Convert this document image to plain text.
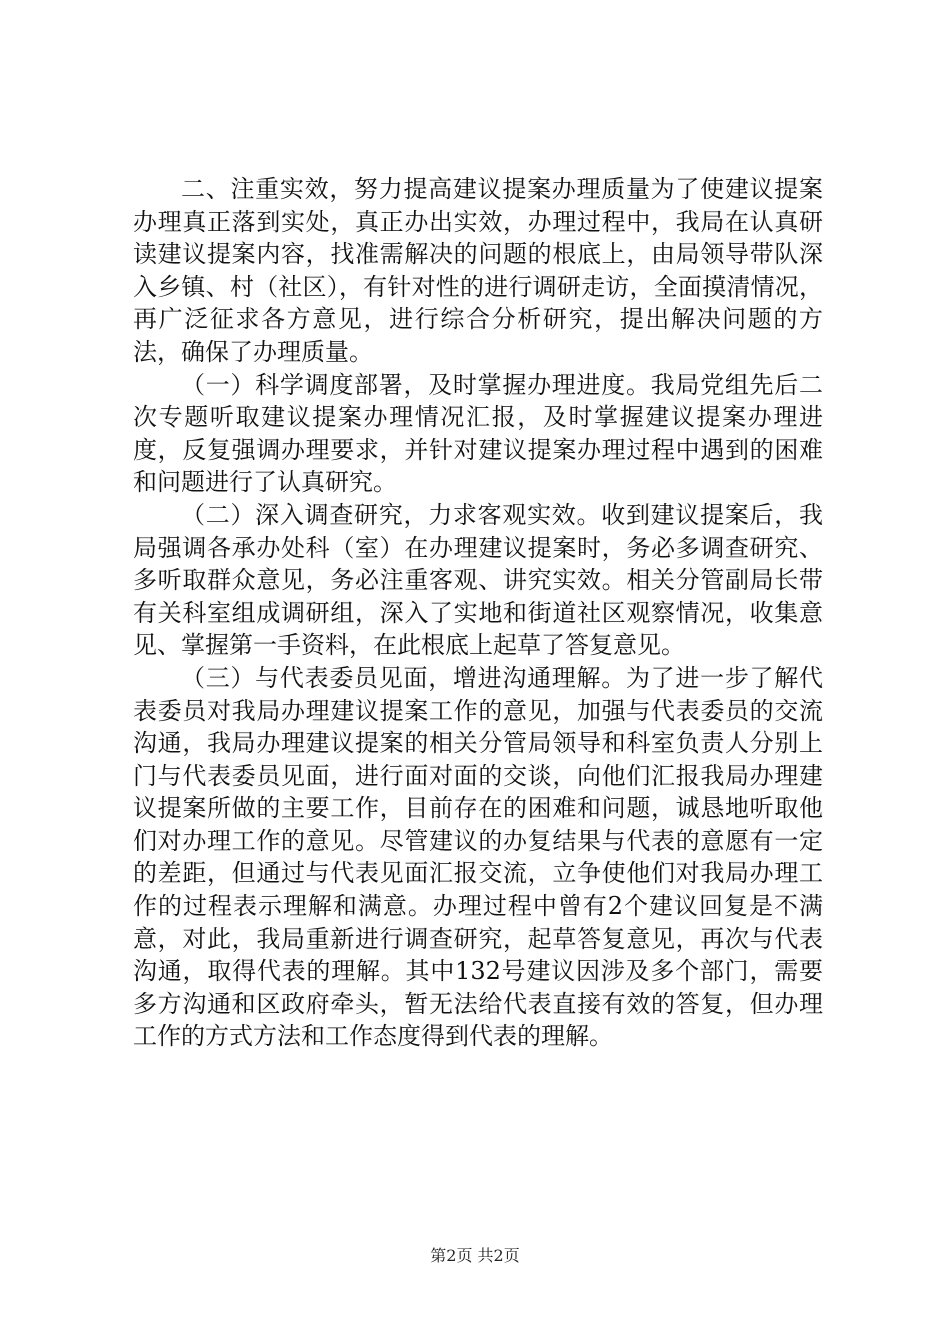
二、注重实效，努力提高建议提案办理质量为了使建议提案办理真正落到实处，真正办出实效，办理过程中，我局在认真研读建议提案内容，找准需解决的问题的根底上，由局领导带队深入乡镇、村（社区），有针对性的进行调研走访，全面摸清情况，再广泛征求各方意见，进行综合分析研究，提出解决问题的方法，确保了办理质量。

（一）科学调度部署，及时掌握办理进度。我局党组先后二次专题听取建议提案办理情况汇报，及时掌握建议提案办理进度，反复强调办理要求，并针对建议提案办理过程中遇到的困难和问题进行了认真研究。

（二）深入调查研究，力求客观实效。收到建议提案后，我局强调各承办处科（室）在办理建议提案时，务必多调查研究、多听取群众意见，务必注重客观、讲究实效。相关分管副局长带有关科室组成调研组，深入了实地和街道社区观察情况，收集意见、掌握第一手资料，在此根底上起草了答复意见。

（三）与代表委员见面，增进沟通理解。为了进一步了解代表委员对我局办理建议提案工作的意见，加强与代表委员的交流沟通，我局办理建议提案的相关分管局领导和科室负责人分别上门与代表委员见面，进行面对面的交谈，向他们汇报我局办理建议提案所做的主要工作，目前存在的困难和问题，诚恳地听取他们对办理工作的意见。尽管建议的办复结果与代表的意愿有一定的差距，但通过与代表见面汇报交流，立争使他们对我局办理工作的过程表示理解和满意。办理过程中曾有2个建议回复是不满意，对此，我局重新进行调查研究，起草答复意见，再次与代表沟通，取得代表的理解。其中132号建议因涉及多个部门，需要多方沟通和区政府牵头，暂无法给代表直接有效的答复，但办理工作的方式方法和工作态度得到代表的理解。

第2页 共2页
